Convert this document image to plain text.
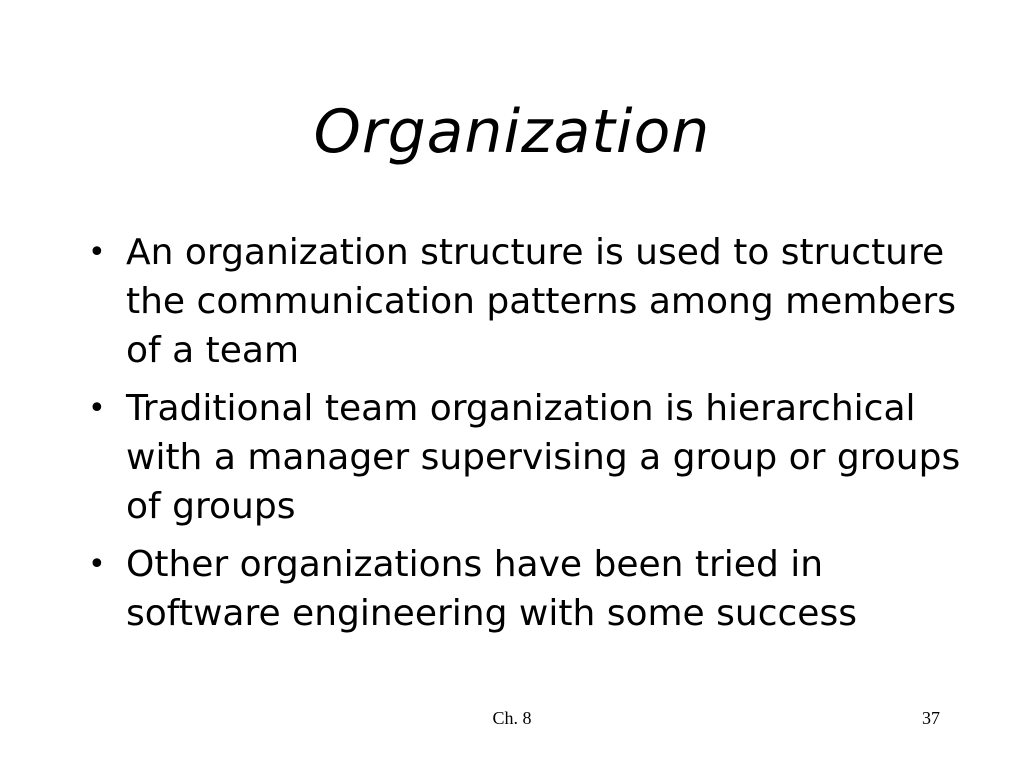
Organization
• An organization structure is used to structure the communication patterns among members of a team
• Traditional team organization is hierarchical with a manager supervising a group or groups of groups
• Other organizations have been tried in software engineering with some success
Ch. 8	37
